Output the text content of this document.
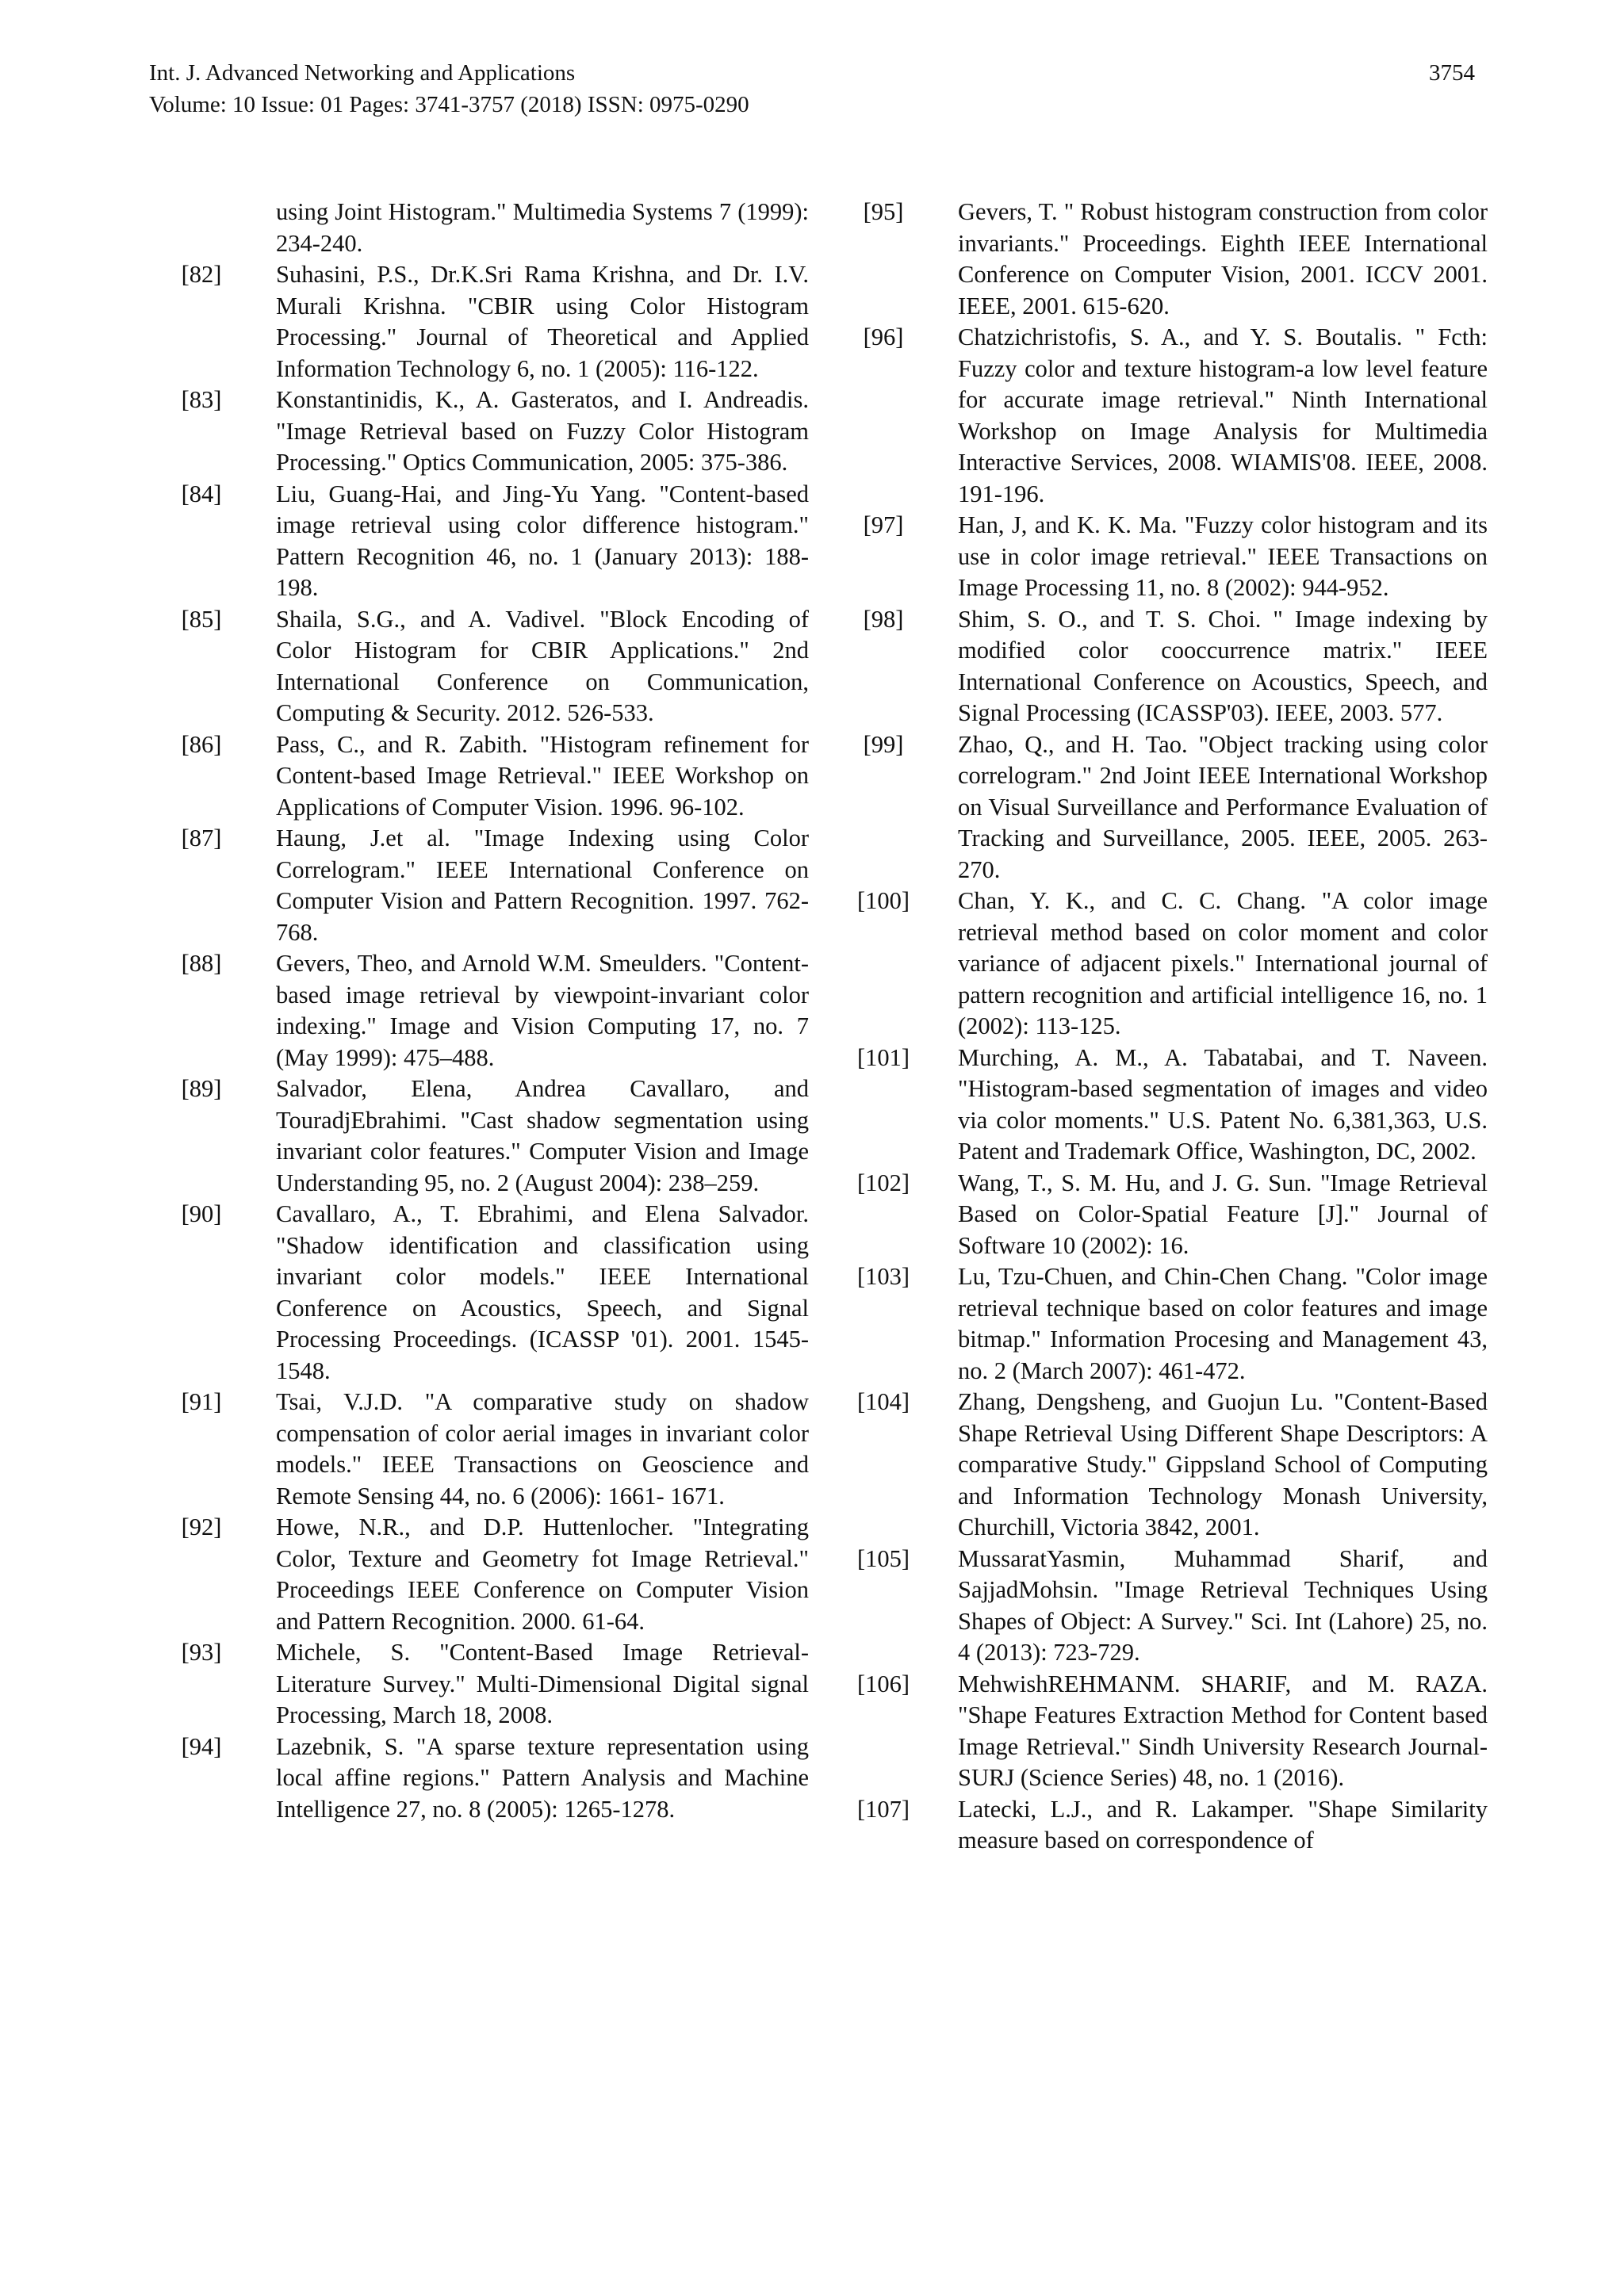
Int. J. Advanced Networking and Applications	3754
Volume: 10 Issue: 01 Pages: 3741-3757 (2018) ISSN: 0975-0290
using Joint Histogram." Multimedia Systems 7 (1999): 234-240.
[82]	Suhasini, P.S., Dr.K.Sri Rama Krishna, and Dr. I.V. Murali Krishna. "CBIR using Color Histogram Processing." Journal of Theoretical and Applied Information Technology 6, no. 1 (2005): 116-122.
[83]	Konstantinidis, K., A. Gasteratos, and I. Andreadis. "Image Retrieval based on Fuzzy Color Histogram Processing." Optics Communication, 2005: 375-386.
[84]	Liu, Guang-Hai, and Jing-Yu Yang. "Content-based image retrieval using color difference histogram." Pattern Recognition 46, no. 1 (January 2013): 188-198.
[85]	Shaila, S.G., and A. Vadivel. "Block Encoding of Color Histogram for CBIR Applications." 2nd International Conference on Communication, Computing & Security. 2012. 526-533.
[86]	Pass, C., and R. Zabith. "Histogram refinement for Content-based Image Retrieval." IEEE Workshop on Applications of Computer Vision. 1996. 96-102.
[87]	Haung, J.et al. "Image Indexing using Color Correlogram." IEEE International Conference on Computer Vision and Pattern Recognition. 1997. 762-768.
[88]	Gevers, Theo, and Arnold W.M. Smeulders. "Content-based image retrieval by viewpoint-invariant color indexing." Image and Vision Computing 17, no. 7 (May 1999): 475–488.
[89]	Salvador, Elena, Andrea Cavallaro, and TouradjEbrahimi. "Cast shadow segmentation using invariant color features." Computer Vision and Image Understanding 95, no. 2 (August 2004): 238–259.
[90]	Cavallaro, A., T. Ebrahimi, and Elena Salvador. "Shadow identification and classification using invariant color models." IEEE International Conference on Acoustics, Speech, and Signal Processing Proceedings. (ICASSP '01). 2001. 1545- 1548.
[91]	Tsai, V.J.D. "A comparative study on shadow compensation of color aerial images in invariant color models." IEEE Transactions on Geoscience and Remote Sensing 44, no. 6 (2006): 1661- 1671.
[92]	Howe, N.R., and D.P. Huttenlocher. "Integrating Color, Texture and Geometry fot Image Retrieval." Proceedings IEEE Conference on Computer Vision and Pattern Recognition. 2000. 61-64.
[93]	Michele, S. "Content-Based Image Retrieval-Literature Survey." Multi-Dimensional Digital signal Processing, March 18, 2008.
[94]	Lazebnik, S. "A sparse texture representation using local affine regions." Pattern Analysis and Machine Intelligence 27, no. 8 (2005): 1265-1278.
[95]	Gevers, T. " Robust histogram construction from color invariants." Proceedings. Eighth IEEE International Conference on Computer Vision, 2001. ICCV 2001. IEEE, 2001. 615-620.
[96]	Chatzichristofis, S. A., and Y. S. Boutalis. " Fcth: Fuzzy color and texture histogram-a low level feature for accurate image retrieval." Ninth International Workshop on Image Analysis for Multimedia Interactive Services, 2008. WIAMIS'08. IEEE, 2008. 191-196.
[97]	Han, J, and K. K. Ma. "Fuzzy color histogram and its use in color image retrieval." IEEE Transactions on Image Processing 11, no. 8 (2002): 944-952.
[98]	Shim, S. O., and T. S. Choi. " Image indexing by modified color cooccurrence matrix." IEEE International Conference on Acoustics, Speech, and Signal Processing (ICASSP'03). IEEE, 2003. 577.
[99]	Zhao, Q., and H. Tao. "Object tracking using color correlogram." 2nd Joint IEEE International Workshop on Visual Surveillance and Performance Evaluation of Tracking and Surveillance, 2005. IEEE, 2005. 263-270.
[100] Chan, Y. K., and C. C. Chang. "A color image retrieval method based on color moment and color variance of adjacent pixels." International journal of pattern recognition and artificial intelligence 16, no. 1 (2002): 113-125.
[101] Murching, A. M., A. Tabatabai, and T. Naveen. "Histogram-based segmentation of images and video via color moments." U.S. Patent No. 6,381,363, U.S. Patent and Trademark Office, Washington, DC, 2002.
[102] Wang, T., S. M. Hu, and J. G. Sun. "Image Retrieval Based on Color-Spatial Feature [J]." Journal of Software 10 (2002): 16.
[103] Lu, Tzu-Chuen, and Chin-Chen Chang. "Color image retrieval technique based on color features and image bitmap." Information Procesing and Management 43, no. 2 (March 2007): 461-472.
[104] Zhang, Dengsheng, and Guojun Lu. "Content-Based Shape Retrieval Using Different Shape Descriptors: A comparative Study." Gippsland School of Computing and Information Technology Monash University, Churchill, Victoria 3842, 2001.
[105] MussaratYasmin, Muhammad Sharif, and SajjadMohsin. "Image Retrieval Techniques Using Shapes of Object: A Survey." Sci. Int (Lahore) 25, no. 4 (2013): 723-729.
[106] MehwishREHMANM. SHARIF, and M. RAZA. "Shape Features Extraction Method for Content based Image Retrieval." Sindh University Research Journal-SURJ (Science Series) 48, no. 1 (2016).
[107] Latecki, L.J., and R. Lakamper. "Shape Similarity measure based on correspondence of
